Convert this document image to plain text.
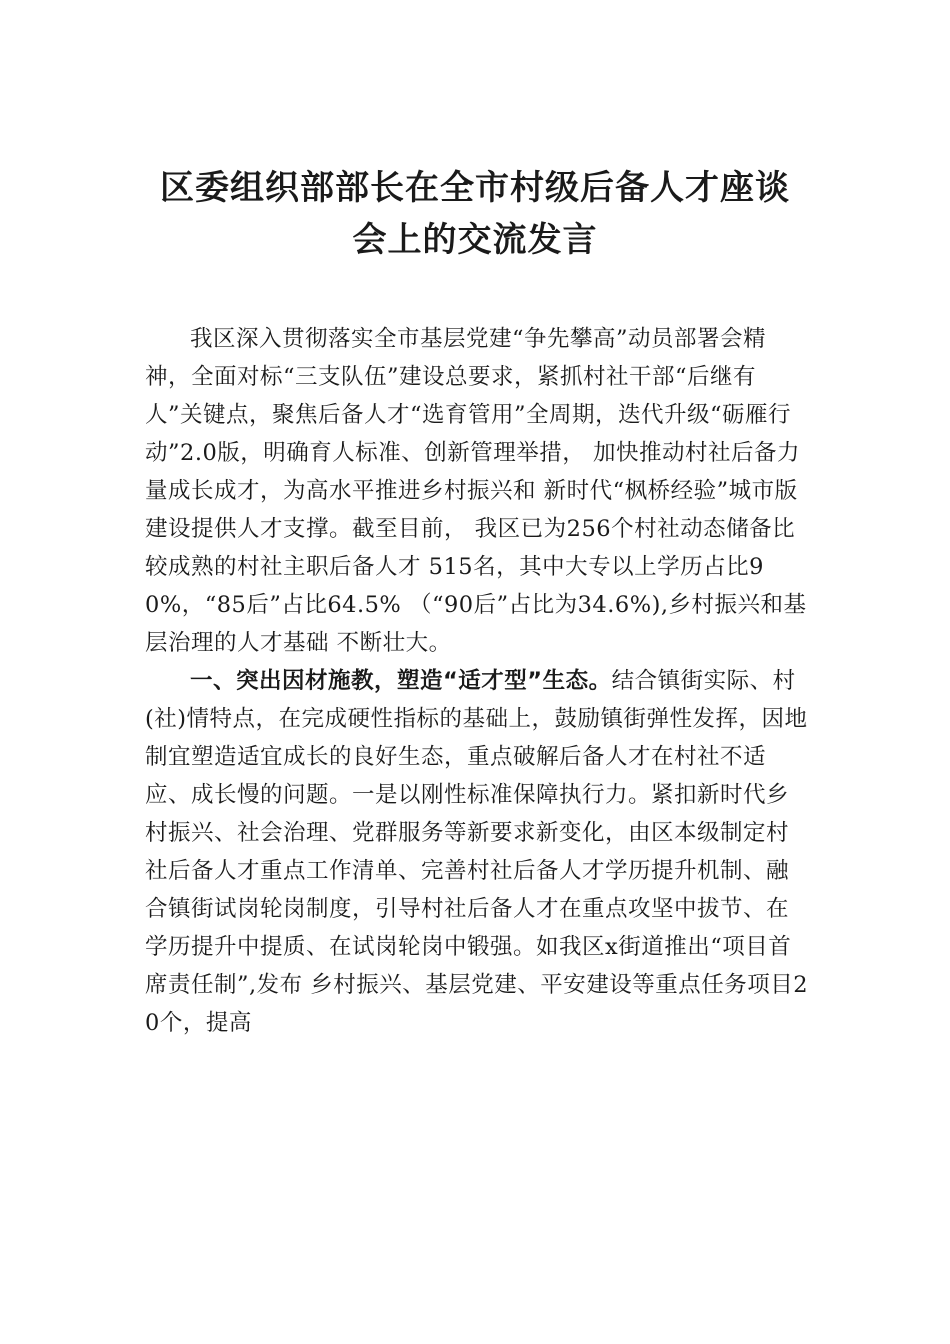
区委组织部部长在全市村级后备人才座谈
会上的交流发言

我区深入贯彻落实全市基层党建“争先攀高”动员部署会精神，全面对标“三支队伍”建设总要求，紧抓村社干部“后继有人”关键点，聚焦后备人才“选育管用”全周期，迭代升级“砺雁行动”2.0版，明确育人标准、创新管理举措， 加快推动村社后备力量成长成才，为高水平推进乡村振兴和 新时代“枫桥经验”城市版建设提供人才支撑。截至目前， 我区已为256个村社动态储备比较成熟的村社主职后备人才 515名，其中大专以上学历占比90%，“85后”占比64.5% （“90后”占比为34.6%),乡村振兴和基层治理的人才基础 不断壮大。

一、突出因材施教，塑造“适才型”生态。结合镇街实际、村(社)情特点，在完成硬性指标的基础上，鼓励镇街弹性发挥，因地制宜塑造适宜成长的良好生态，重点破解后备人才在村社不适应、成长慢的问题。一是以刚性标准保障执行力。紧扣新时代乡村振兴、社会治理、党群服务等新要求新变化，由区本级制定村社后备人才重点工作清单、完善村社后备人才学历提升机制、融合镇街试岗轮岗制度，引导村社后备人才在重点攻坚中拔节、在学历提升中提质、在试岗轮岗中锻强。如我区x街道推出“项目首席责任制”,发布 乡村振兴、基层党建、平安建设等重点任务项目20个，提高
